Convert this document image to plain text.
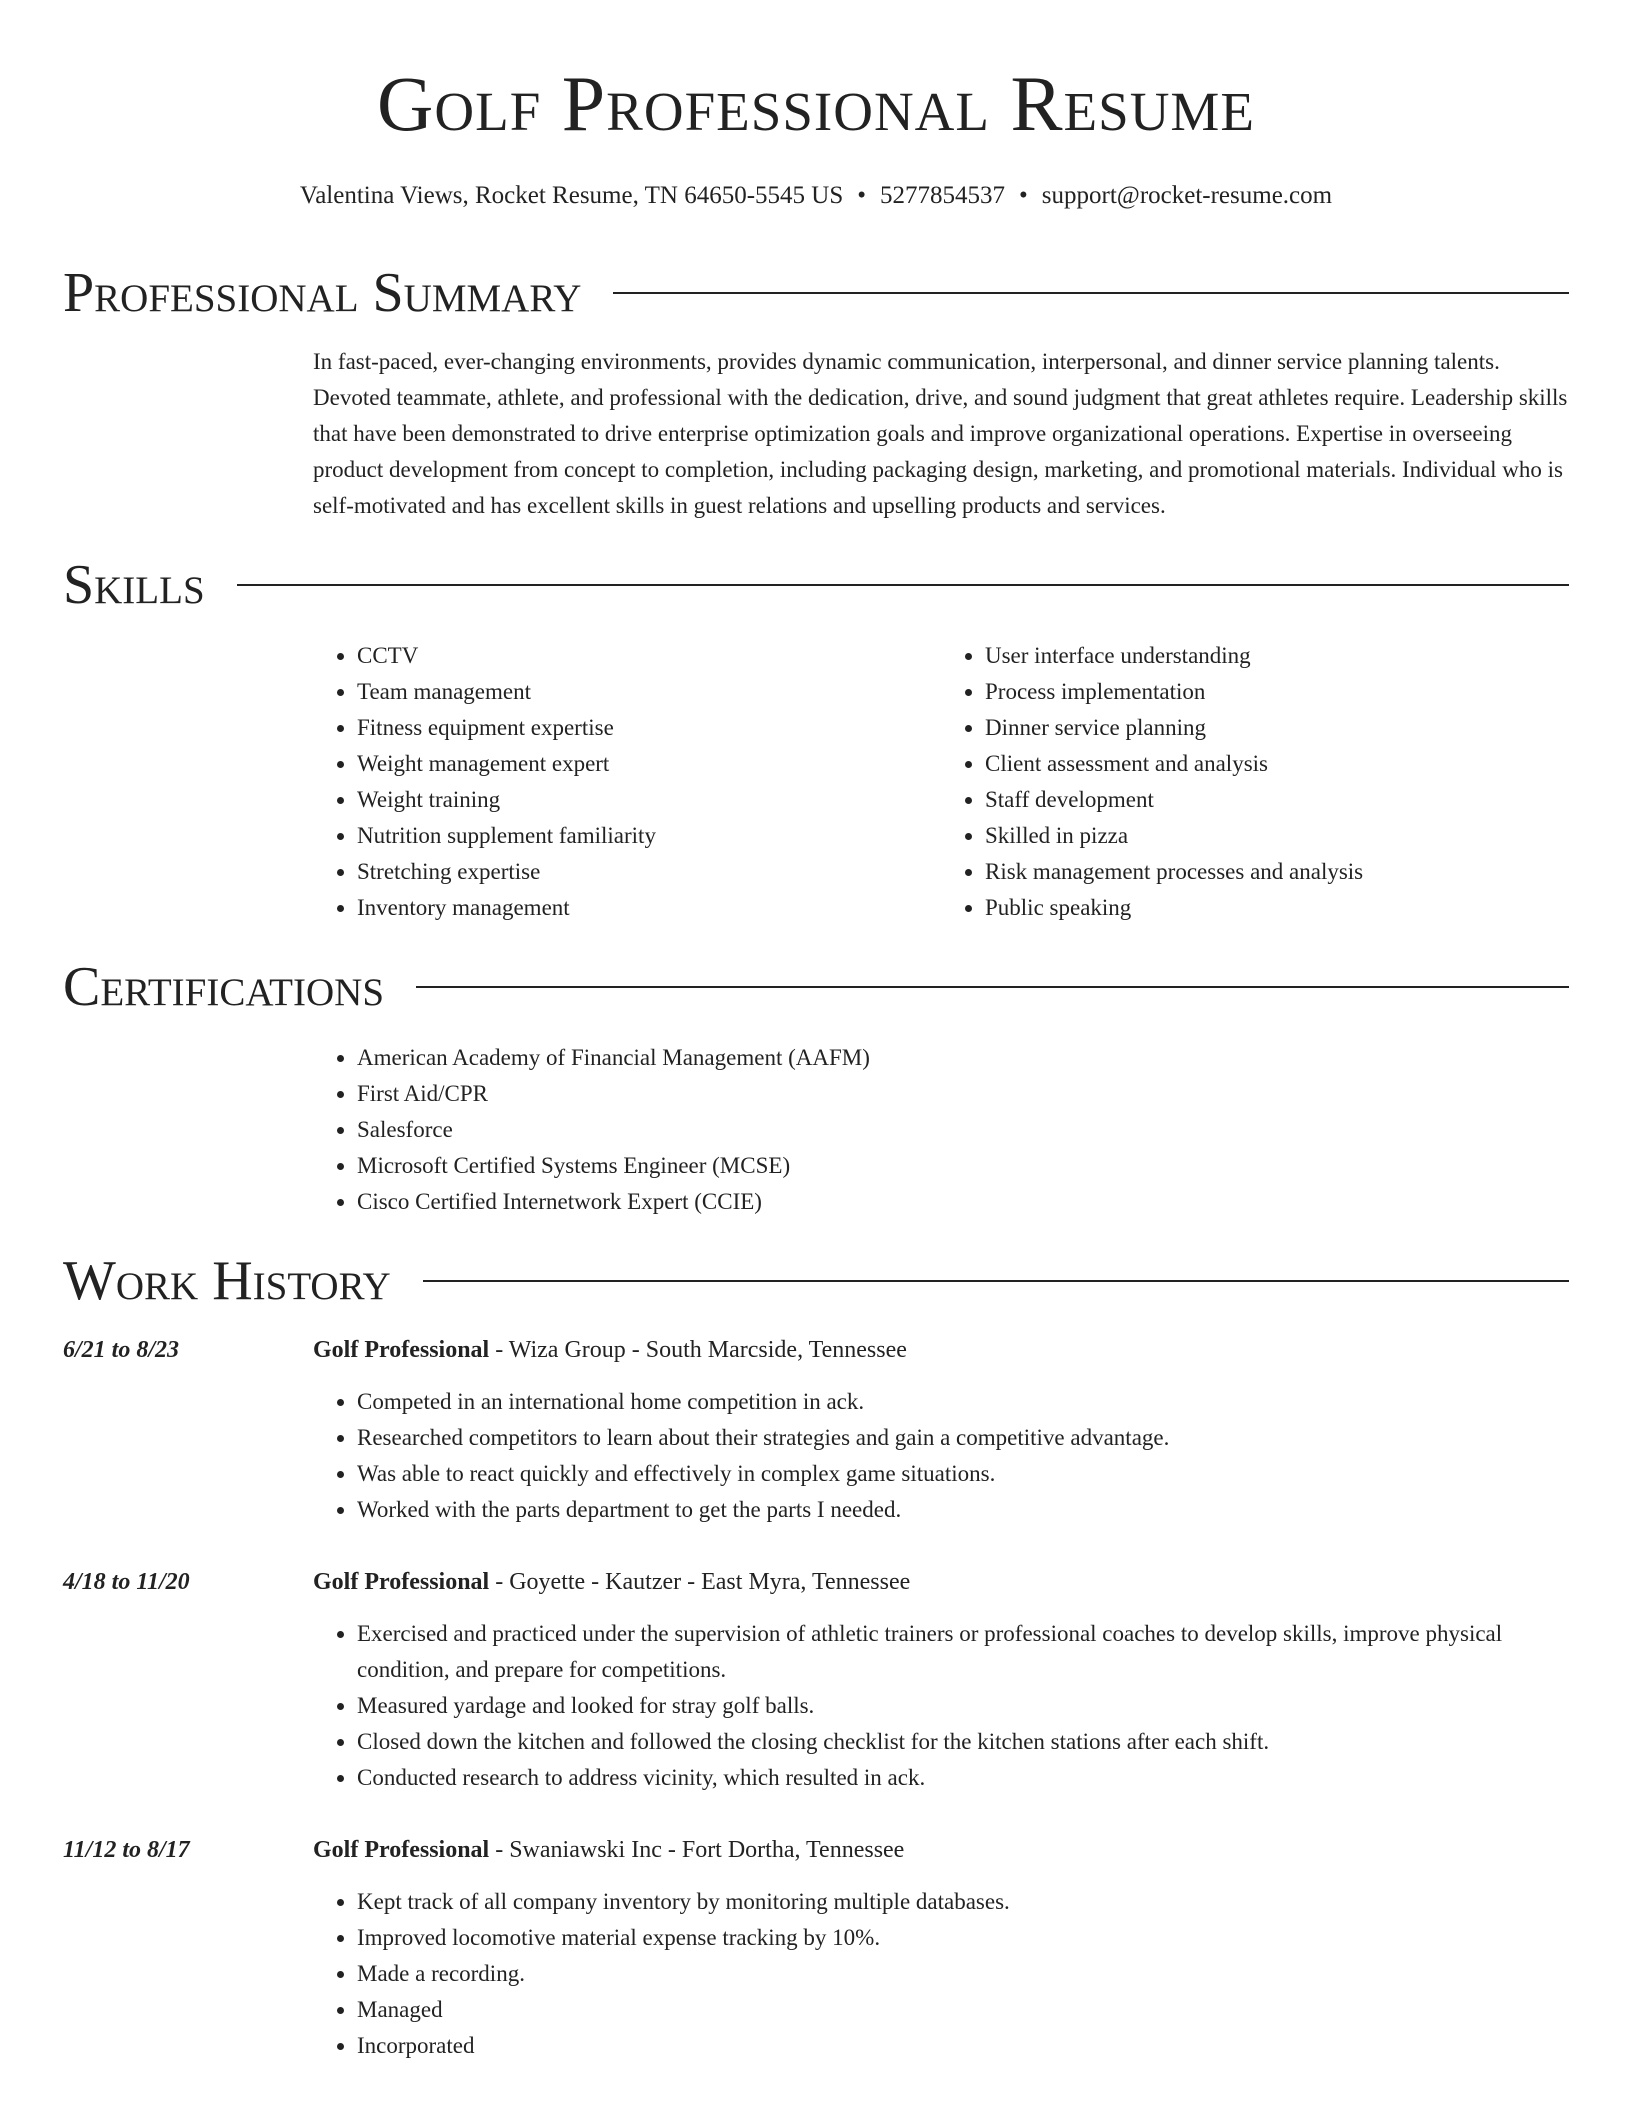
Golf Professional Resume
Valentina Views, Rocket Resume, TN 64650-5545 US • 5277854537 • support@rocket-resume.com
Professional Summary
In fast-paced, ever-changing environments, provides dynamic communication, interpersonal, and dinner service planning talents. Devoted teammate, athlete, and professional with the dedication, drive, and sound judgment that great athletes require. Leadership skills that have been demonstrated to drive enterprise optimization goals and improve organizational operations. Expertise in overseeing product development from concept to completion, including packaging design, marketing, and promotional materials. Individual who is self-motivated and has excellent skills in guest relations and upselling products and services.
Skills
• CCTV
• Team management
• Fitness equipment expertise
• Weight management expert
• Weight training
• Nutrition supplement familiarity
• Stretching expertise
• Inventory management
• User interface understanding
• Process implementation
• Dinner service planning
• Client assessment and analysis
• Staff development
• Skilled in pizza
• Risk management processes and analysis
• Public speaking
Certifications
• American Academy of Financial Management (AAFM)
• First Aid/CPR
• Salesforce
• Microsoft Certified Systems Engineer (MCSE)
• Cisco Certified Internetwork Expert (CCIE)
Work History
6/21 to 8/23	Golf Professional - Wiza Group - South Marcside, Tennessee
• Competed in an international home competition in ack.
• Researched competitors to learn about their strategies and gain a competitive advantage.
• Was able to react quickly and effectively in complex game situations.
• Worked with the parts department to get the parts I needed.
4/18 to 11/20	Golf Professional - Goyette - Kautzer - East Myra, Tennessee
• Exercised and practiced under the supervision of athletic trainers or professional coaches to develop skills, improve physical condition, and prepare for competitions.
• Measured yardage and looked for stray golf balls.
• Closed down the kitchen and followed the closing checklist for the kitchen stations after each shift.
• Conducted research to address vicinity, which resulted in ack.
11/12 to 8/17	Golf Professional - Swaniawski Inc - Fort Dortha, Tennessee
• Kept track of all company inventory by monitoring multiple databases.
• Improved locomotive material expense tracking by 10%.
• Made a recording.
• Managed
• Incorporated
